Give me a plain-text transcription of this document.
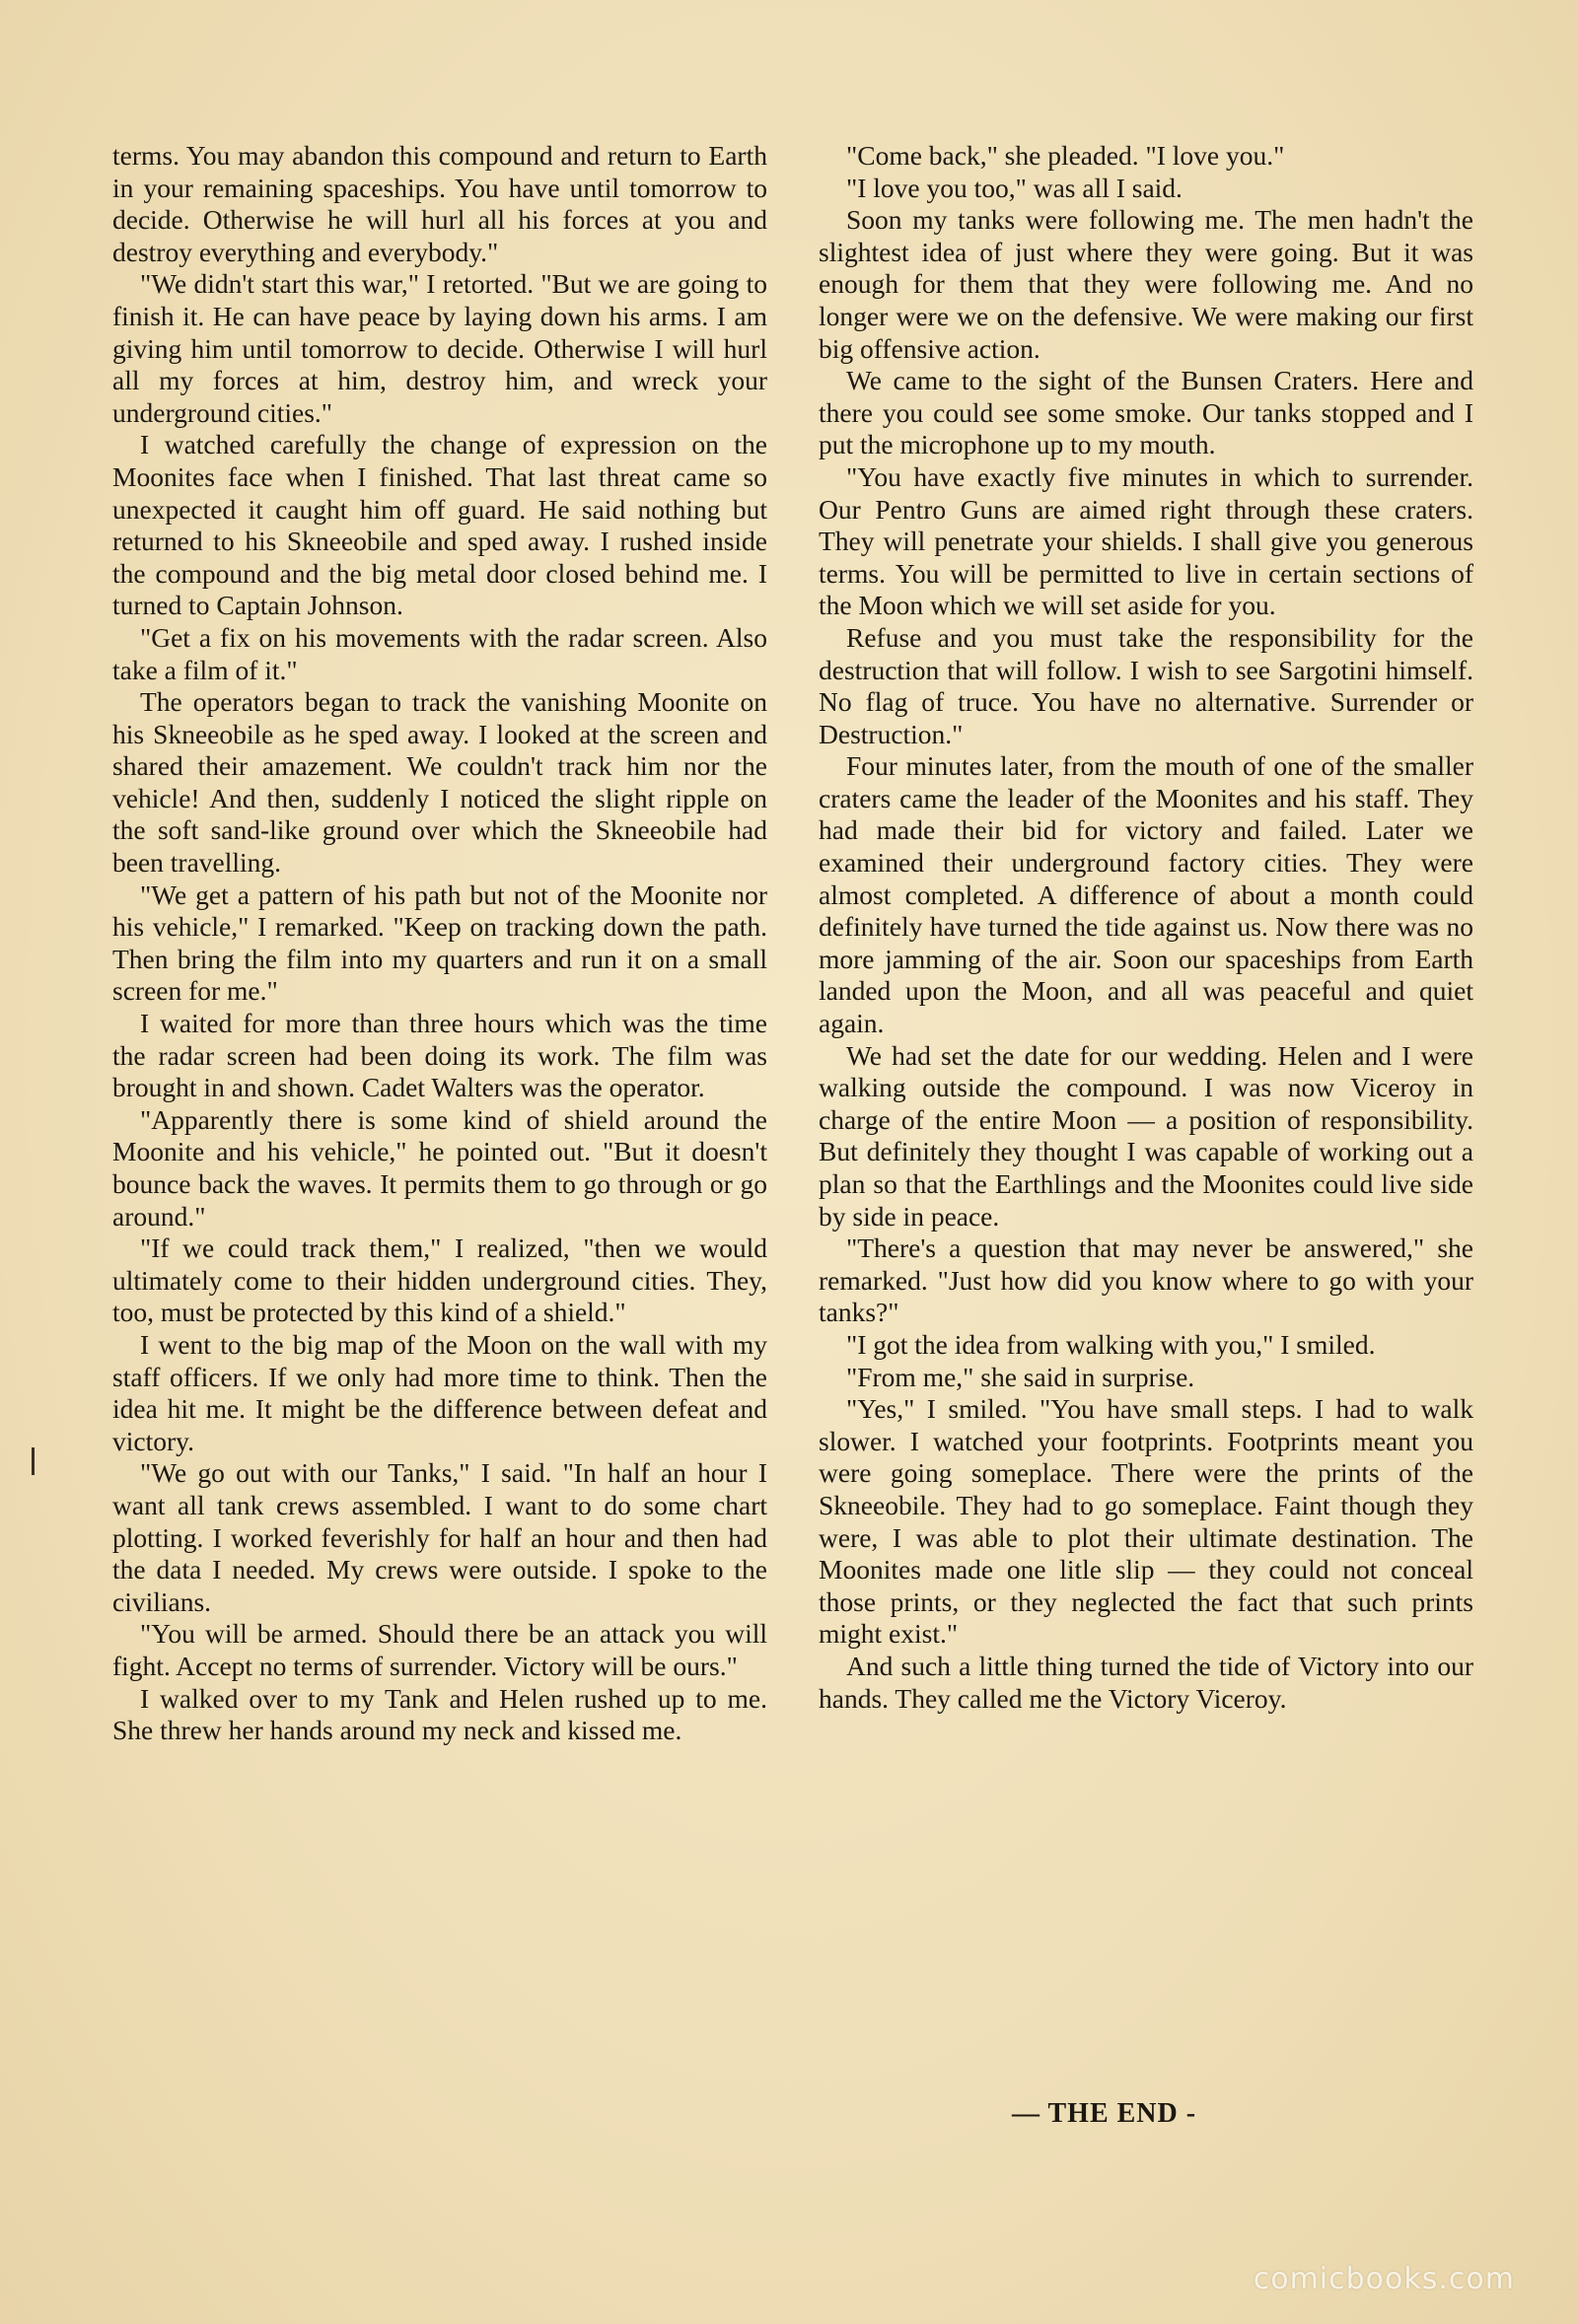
terms. You may abandon this compound and return to Earth in your remaining spaceships. You have until tomorrow to decide. Otherwise he will hurl all his forces at you and destroy everything and everybody."

"We didn't start this war," I retorted. "But we are going to finish it. He can have peace by laying down his arms. I am giving him until tomorrow to decide. Otherwise I will hurl all my forces at him, destroy him, and wreck your underground cities."

I watched carefully the change of expression on the Moonites face when I finished. That last threat came so unexpected it caught him off guard. He said nothing but returned to his Skneeobile and sped away. I rushed inside the compound and the big metal door closed behind me. I turned to Captain Johnson.

"Get a fix on his movements with the radar screen. Also take a film of it."

The operators began to track the vanishing Moonite on his Skneeobile as he sped away. I looked at the screen and shared their amazement. We couldn't track him nor the vehicle! And then, suddenly I noticed the slight ripple on the soft sand-like ground over which the Skneeobile had been travelling.

"We get a pattern of his path but not of the Moonite nor his vehicle," I remarked. "Keep on tracking down the path. Then bring the film into my quarters and run it on a small screen for me."

I waited for more than three hours which was the time the radar screen had been doing its work. The film was brought in and shown. Cadet Walters was the operator.

"Apparently there is some kind of shield around the Moonite and his vehicle," he pointed out. "But it doesn't bounce back the waves. It permits them to go through or go around."

"If we could track them," I realized, "then we would ultimately come to their hidden underground cities. They, too, must be protected by this kind of a shield."

I went to the big map of the Moon on the wall with my staff officers. If we only had more time to think. Then the idea hit me. It might be the difference between defeat and victory.

"We go out with our Tanks," I said. "In half an hour I want all tank crews assembled. I want to do some chart plotting. I worked feverishly for half an hour and then had the data I needed. My crews were outside. I spoke to the civilians.

"You will be armed. Should there be an attack you will fight. Accept no terms of surrender. Victory will be ours."

I walked over to my Tank and Helen rushed up to me. She threw her hands around my neck and kissed me.

"Come back," she pleaded. "I love you."

"I love you too," was all I said.

Soon my tanks were following me. The men hadn't the slightest idea of just where they were going. But it was enough for them that they were following me. And no longer were we on the defensive. We were making our first big offensive action.

We came to the sight of the Bunsen Craters. Here and there you could see some smoke. Our tanks stopped and I put the microphone up to my mouth.

"You have exactly five minutes in which to surrender. Our Pentro Guns are aimed right through these craters. They will penetrate your shields. I shall give you generous terms. You will be permitted to live in certain sections of the Moon which we will set aside for you.

Refuse and you must take the responsibility for the destruction that will follow. I wish to see Sargotini himself. No flag of truce. You have no alternative. Surrender or Destruction."

Four minutes later, from the mouth of one of the smaller craters came the leader of the Moonites and his staff. They had made their bid for victory and failed. Later we examined their underground factory cities. They were almost completed. A difference of about a month could definitely have turned the tide against us. Now there was no more jamming of the air. Soon our spaceships from Earth landed upon the Moon, and all was peaceful and quiet again.

We had set the date for our wedding. Helen and I were walking outside the compound. I was now Viceroy in charge of the entire Moon — a position of responsibility. But definitely they thought I was capable of working out a plan so that the Earthlings and the Moonites could live side by side in peace.

"There's a question that may never be answered," she remarked. "Just how did you know where to go with your tanks?"

"I got the idea from walking with you," I smiled.

"From me," she said in surprise.

"Yes," I smiled. "You have small steps. I had to walk slower. I watched your footprints. Footprints meant you were going someplace. There were the prints of the Skneeobile. They had to go someplace. Faint though they were, I was able to plot their ultimate destination. The Moonites made one litle slip — they could not conceal those prints, or they neglected the fact that such prints might exist."

And such a little thing turned the tide of Victory into our hands. They called me the Victory Viceroy.

— THE END -
comicbooks.com
